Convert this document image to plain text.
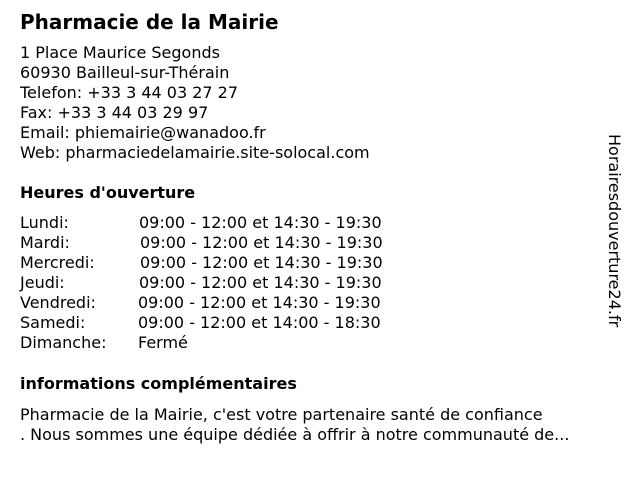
Pharmacie de la Mairie
1 Place Maurice Segonds
60930 Bailleul-sur-Thérain
Telefon: +33 3 44 03 27 27
Fax: +33 3 44 03 29 97
Email: phiemairie@wanadoo.fr
Web: pharmaciedelamairie.site-solocal.com
Heures d'ouverture
Lundi:	09:00 - 12:00 et 14:30 - 19:30
Mardi:	09:00 - 12:00 et 14:30 - 19:30
Mercredi:	09:00 - 12:00 et 14:30 - 19:30
Jeudi:	09:00 - 12:00 et 14:30 - 19:30
Vendredi:	09:00 - 12:00 et 14:30 - 19:30
Samedi:	09:00 - 12:00 et 14:00 - 18:30
Dimanche: Fermé
informations complémentaires
Pharmacie de la Mairie, c'est votre partenaire santé de confiance
. Nous sommes une équipe dédiée à offrir à notre communauté de...
Horairesdouverture24.fr
